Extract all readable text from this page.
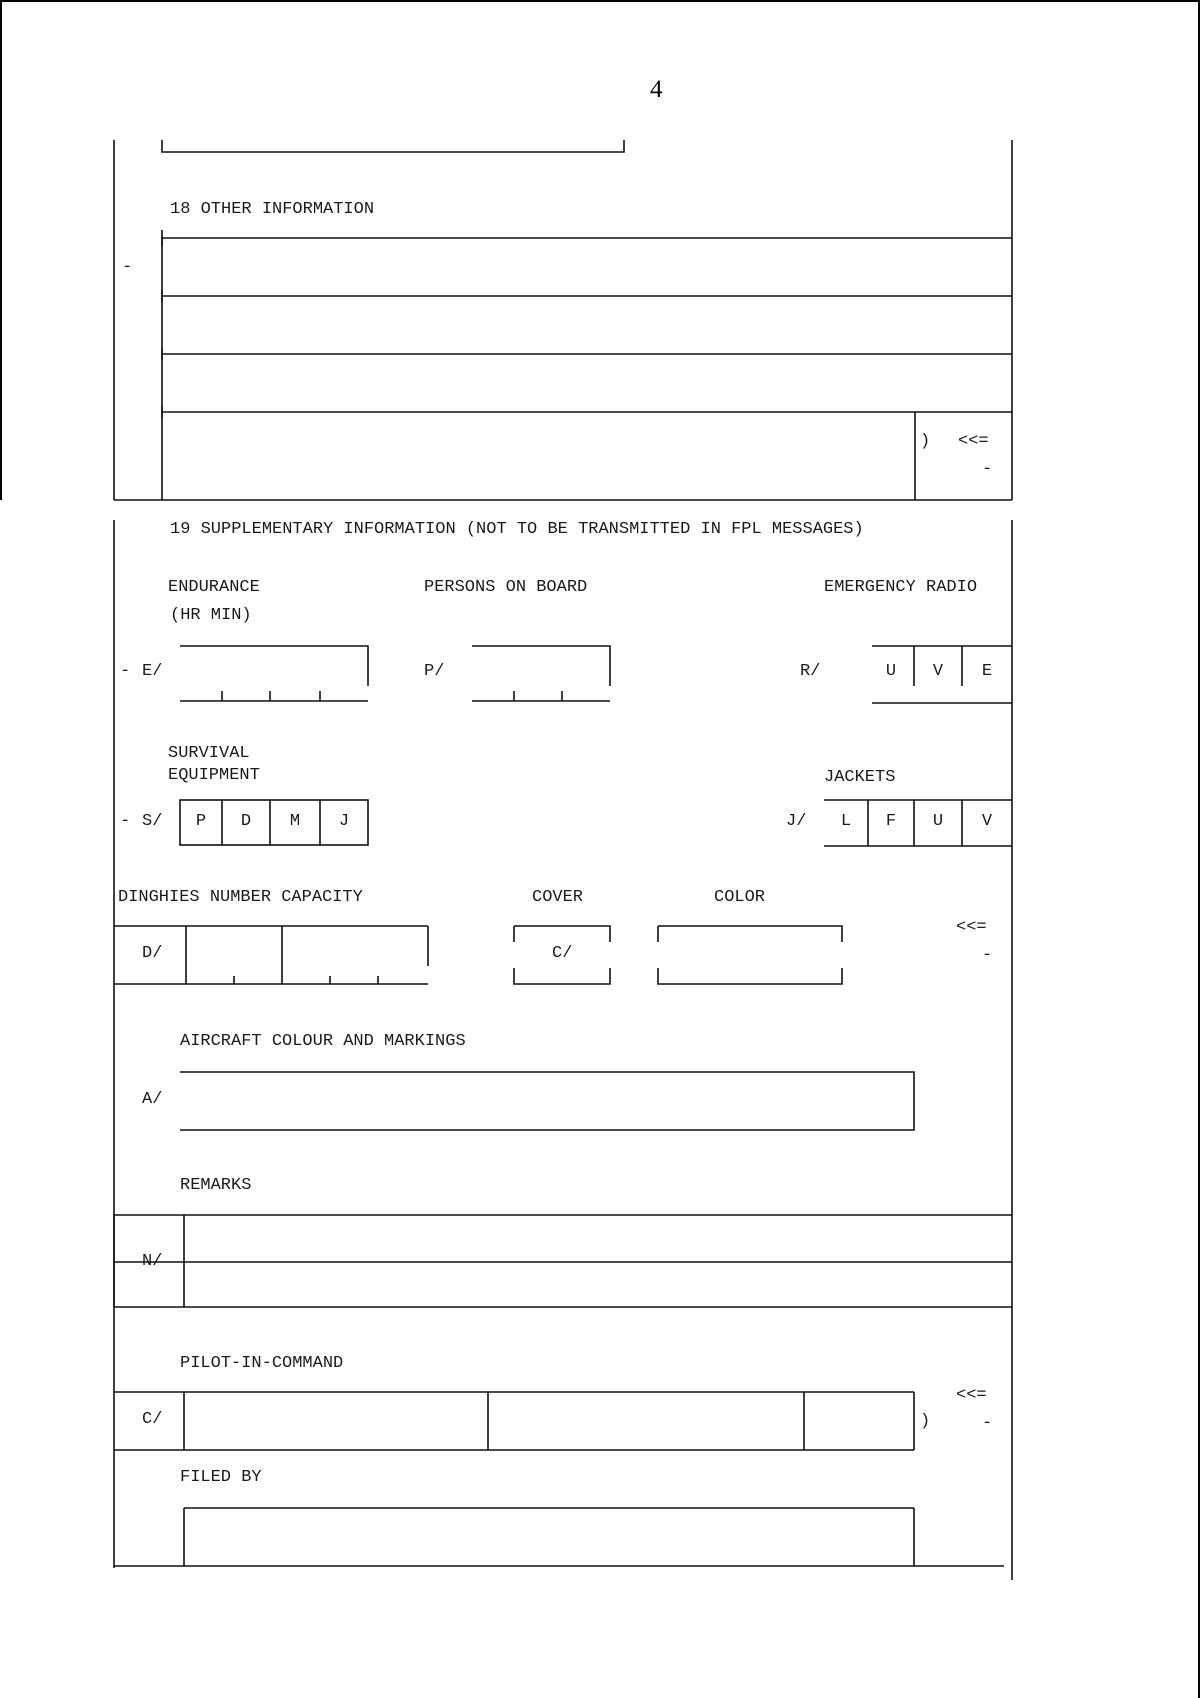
4
18 OTHER INFORMATION
-
) <<=
-
19 SUPPLEMENTARY INFORMATION (NOT TO BE TRANSMITTED IN FPL MESSAGES)
ENDURANCE
(HR MIN)
- E/
PERSONS ON BOARD
P/
EMERGENCY RADIO
R/	U	V	E
SURVIVAL
EQUIPMENT
- S/	P	D	M	J
JACKETS
J/	L	F	U	V
DINGHIES NUMBER CAPACITY	COVER	COLOR
D/	C/
<<=
-
AIRCRAFT COLOUR AND MARKINGS
A/
REMARKS
N/
PILOT-IN-COMMAND
C/	)
<<=
-
FILED BY
